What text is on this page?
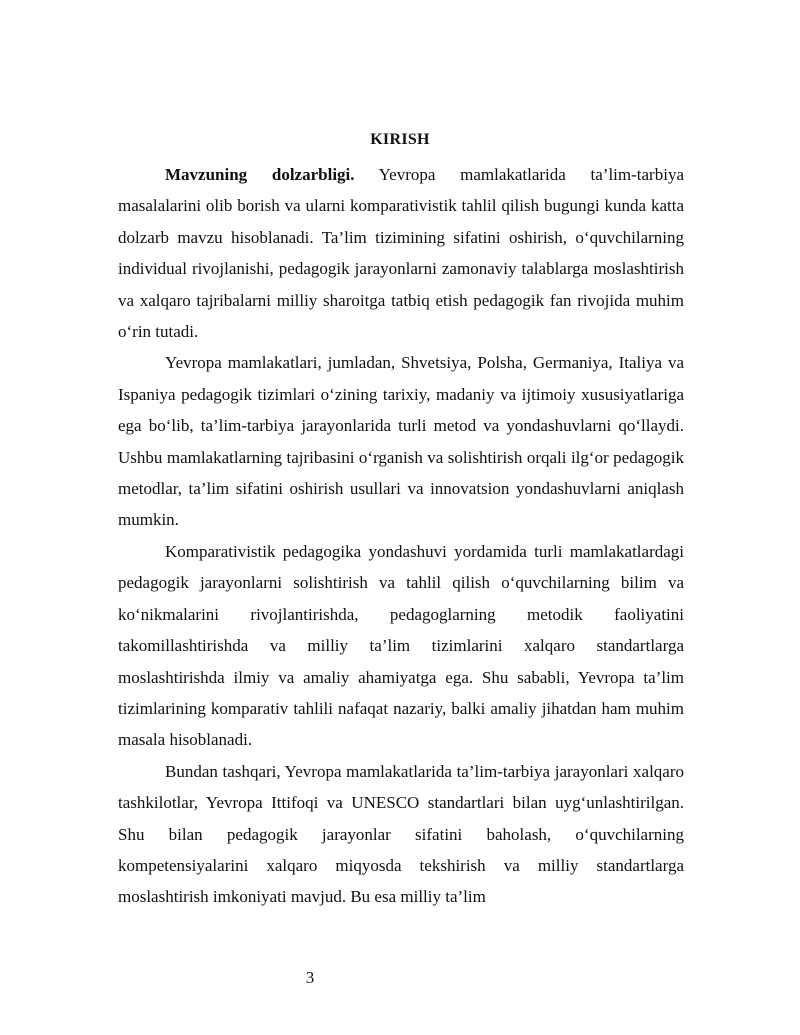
KIRISH

Mavzuning dolzarbligi. Yevropa mamlakatlarida ta’lim-tarbiya masalalarini olib borish va ularni komparativistik tahlil qilish bugungi kunda katta dolzarb mavzu hisoblanadi. Ta’lim tizimining sifatini oshirish, o‘quvchilarning individual rivojlanishi, pedagogik jarayonlarni zamonaviy talablarga moslashtirish va xalqaro tajribalarni milliy sharoitga tatbiq etish pedagogik fan rivojida muhim o‘rin tutadi.

Yevropa mamlakatlari, jumladan, Shvetsiya, Polsha, Germaniya, Italiya va Ispaniya pedagogik tizimlari o‘zining tarixiy, madaniy va ijtimoiy xususiyatlariga ega bo‘lib, ta’lim-tarbiya jarayonlarida turli metod va yondashuvlarni qo‘llaydi. Ushbu mamlakatlarning tajribasini o‘rganish va solishtirish orqali ilg‘or pedagogik metodlar, ta’lim sifatini oshirish usullari va innovatsion yondashuvlarni aniqlash mumkin.

Komparativistik pedagogika yondashuvi yordamida turli mamlakatlardagi pedagogik jarayonlarni solishtirish va tahlil qilish o‘quvchilarning bilim va ko‘nikmalarini rivojlantirishda, pedagoglarning metodik faoliyatini takomillashtirishda va milliy ta’lim tizimlarini xalqaro standartlarga moslashtirishda ilmiy va amaliy ahamiyatga ega. Shu sababli, Yevropa ta’lim tizimlarining komparativ tahlili nafaqat nazariy, balki amaliy jihatdan ham muhim masala hisoblanadi.

Bundan tashqari, Yevropa mamlakatlarida ta’lim-tarbiya jarayonlari xalqaro tashkilotlar, Yevropa Ittifoqi va UNESCO standartlari bilan uyg‘unlashtirilgan. Shu bilan pedagogik jarayonlar sifatini baholash, o‘quvchilarning kompetensiyalarini xalqaro miqyosda tekshirish va milliy standartlarga moslashtirish imkoniyati mavjud. Bu esa milliy ta’lim

3
